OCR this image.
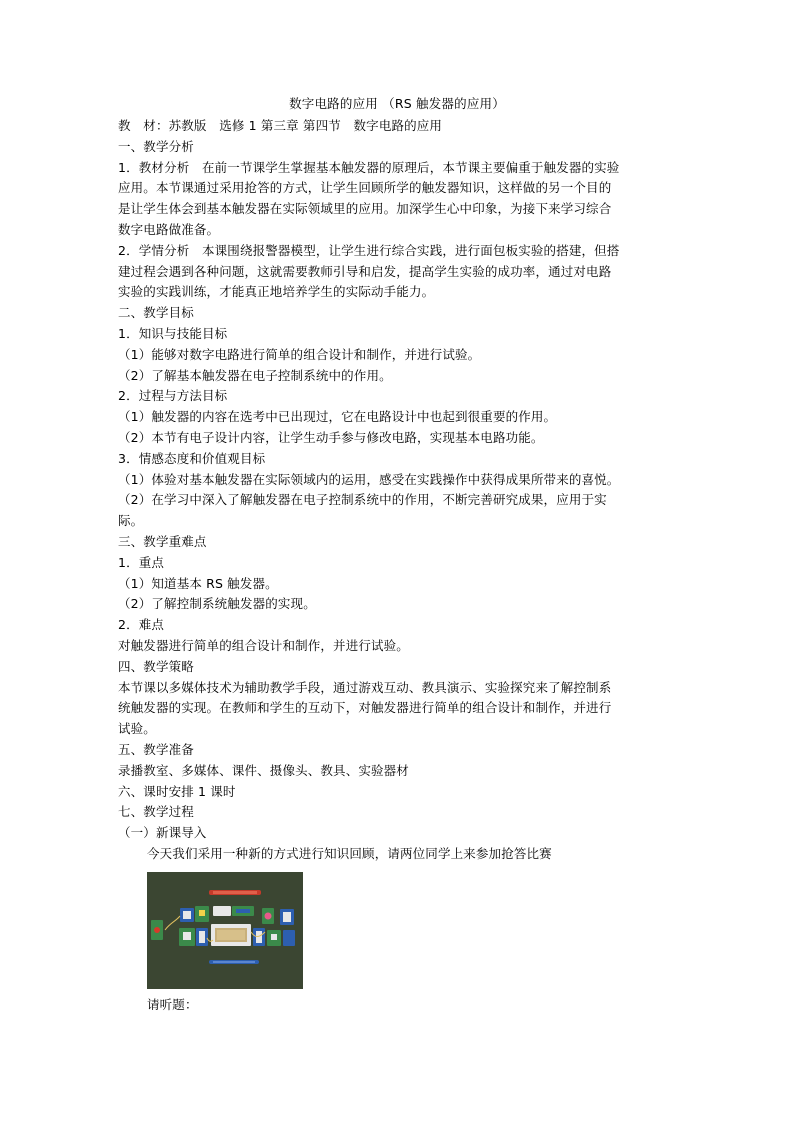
数字电路的应用 （RS 触发器的应用）

教　材：苏教版　选修 1 第三章 第四节　数字电路的应用

一、教学分析

1．教材分析　在前一节课学生掌握基本触发器的原理后，本节课主要偏重于触发器的实验

应用。本节课通过采用抢答的方式，让学生回顾所学的触发器知识，这样做的另一个目的

是让学生体会到基本触发器在实际领域里的应用。加深学生心中印象，为接下来学习综合

数字电路做准备。

2．学情分析　本课围绕报警器模型，让学生进行综合实践，进行面包板实验的搭建，但搭

建过程会遇到各种问题，这就需要教师引导和启发，提高学生实验的成功率，通过对电路

实验的实践训练，才能真正地培养学生的实际动手能力。

二、教学目标

1．知识与技能目标

（1）能够对数字电路进行简单的组合设计和制作，并进行试验。

（2）了解基本触发器在电子控制系统中的作用。

2．过程与方法目标

（1）触发器的内容在选考中已出现过，它在电路设计中也起到很重要的作用。

（2）本节有电子设计内容，让学生动手参与修改电路，实现基本电路功能。

3．情感态度和价值观目标

（1）体验对基本触发器在实际领域内的运用，感受在实践操作中获得成果所带来的喜悦。

（2）在学习中深入了解触发器在电子控制系统中的作用，不断完善研究成果，应用于实

际。

三、教学重难点

1．重点

（1）知道基本 RS 触发器。

（2）了解控制系统触发器的实现。

2．难点

对触发器进行简单的组合设计和制作，并进行试验。

四、教学策略

本节课以多媒体技术为辅助教学手段，通过游戏互动、教具演示、实验探究来了解控制系

统触发器的实现。在教师和学生的互动下，对触发器进行简单的组合设计和制作，并进行

试验。

五、教学准备

录播教室、多媒体、课件、摄像头、教具、实验器材

六、课时安排 1 课时

七、教学过程

（一）新课导入

今天我们采用一种新的方式进行知识回顾，请两位同学上来参加抢答比赛

请听题：
